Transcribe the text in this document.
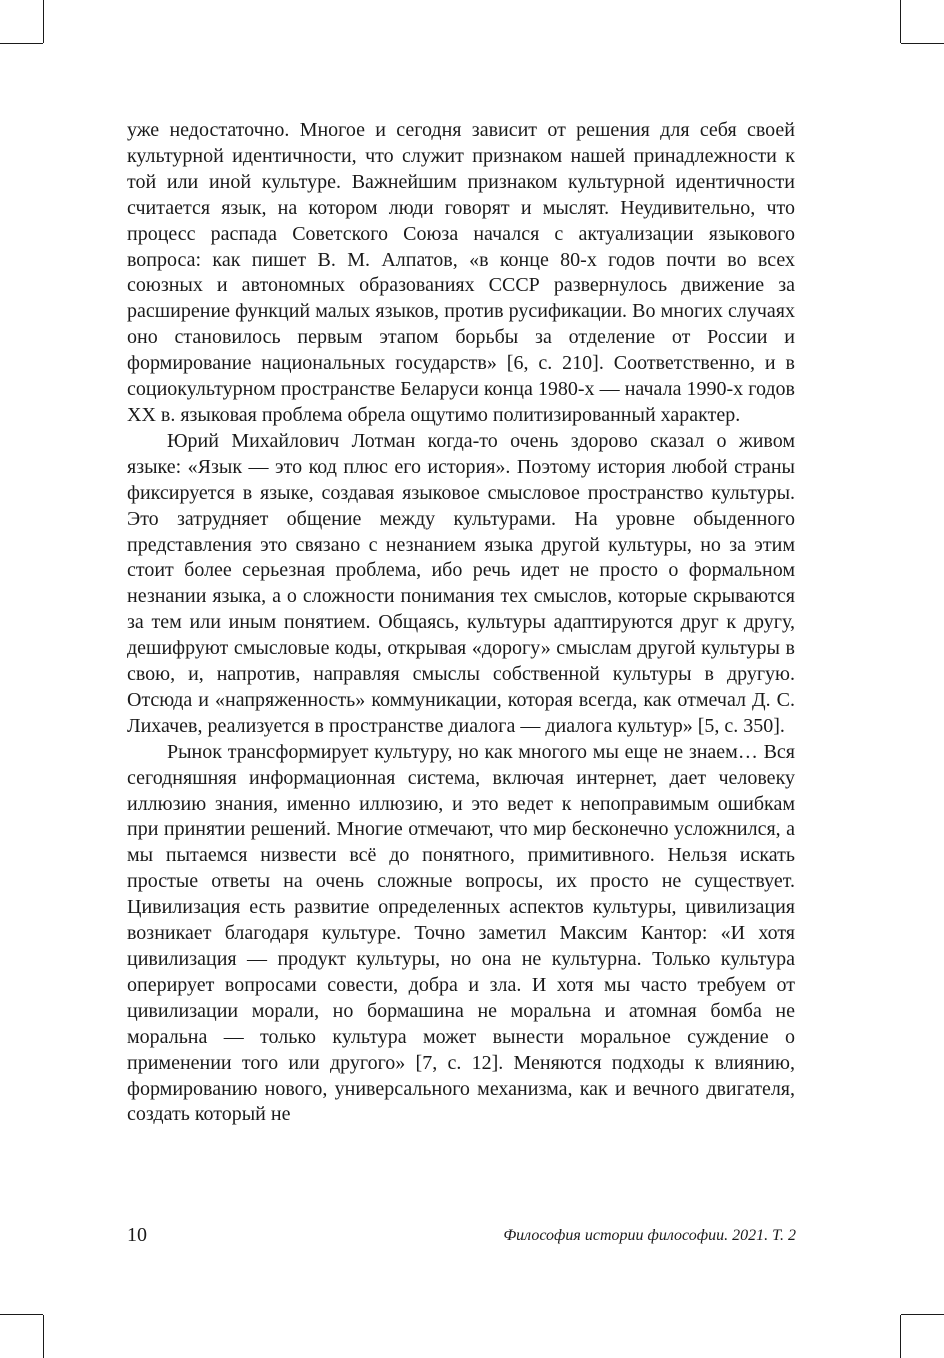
уже недостаточно. Многое и сегодня зависит от решения для себя своей культурной идентичности, что служит признаком нашей принадлежности к той или иной культуре. Важнейшим признаком культурной идентичности считается язык, на котором люди говорят и мыслят. Неудивительно, что процесс распада Советского Союза начался с актуализации языкового вопроса: как пишет В. М. Алпатов, «в конце 80-х годов почти во всех союзных и автономных образованиях СССР развернулось движение за расширение функций малых языков, против русификации. Во многих случаях оно становилось первым этапом борьбы за отделение от России и формирование национальных государств» [6, с. 210]. Соответственно, и в социокультурном пространстве Беларуси конца 1980-х — начала 1990-х годов XX в. языковая проблема обрела ощутимо политизированный характер.

Юрий Михайлович Лотман когда-то очень здорово сказал о живом языке: «Язык — это код плюс его история». Поэтому история любой страны фиксируется в языке, создавая языковое смысловое пространство культуры. Это затрудняет общение между культурами. На уровне обыденного представления это связано с незнанием языка другой культуры, но за этим стоит более серьезная проблема, ибо речь идет не просто о формальном незнании языка, а о сложности понимания тех смыслов, которые скрываются за тем или иным понятием. Общаясь, культуры адаптируются друг к другу, дешифруют смысловые коды, открывая «дорогу» смыслам другой культуры в свою, и, напротив, направляя смыслы собственной культуры в другую. Отсюда и «напряженность» коммуникации, которая всегда, как отмечал Д. С. Лихачев, реализуется в пространстве диалога — диалога культур» [5, с. 350].

Рынок трансформирует культуру, но как многого мы еще не знаем… Вся сегодняшняя информационная система, включая интернет, дает человеку иллюзию знания, именно иллюзию, и это ведет к непоправимым ошибкам при принятии решений. Многие отмечают, что мир бесконечно усложнился, а мы пытаемся низвести всё до понятного, примитивного. Нельзя искать простые ответы на очень сложные вопросы, их просто не существует. Цивилизация есть развитие определенных аспектов культуры, цивилизация возникает благодаря культуре. Точно заметил Максим Кантор: «И хотя цивилизация — продукт культуры, но она не культурна. Только культура оперирует вопросами совести, добра и зла. И хотя мы часто требуем от цивилизации морали, но бормашина не моральна и атомная бомба не моральна — только культура может вынести моральное суждение о применении того или другого» [7, с. 12]. Меняются подходы к влиянию, формированию нового, универсального механизма, как и вечного двигателя, создать который не

10	Философия истории философии. 2021. Т. 2
